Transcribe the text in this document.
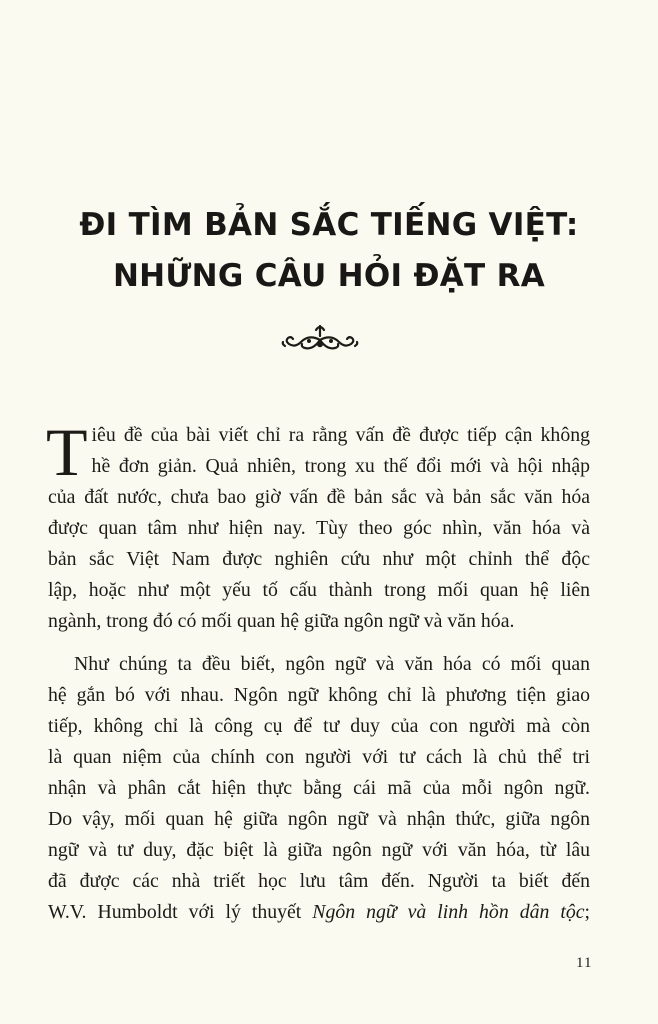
ĐI TÌM BẢN SẮC TIẾNG VIỆT:
NHỮNG CÂU HỎI ĐẶT RA
T iêu đề của bài viết chỉ ra rằng vấn đề được tiếp cận không
hề đơn giản. Quả nhiên, trong xu thế đổi mới và hội nhập
của đất nước, chưa bao giờ vấn đề bản sắc và bản sắc văn hóa
được quan tâm như hiện nay. Tùy theo góc nhìn, văn hóa và
bản sắc Việt Nam được nghiên cứu như một chỉnh thể độc
lập, hoặc như một yếu tố cấu thành trong mối quan hệ liên
ngành, trong đó có mối quan hệ giữa ngôn ngữ và văn hóa.
Như chúng ta đều biết, ngôn ngữ và văn hóa có mối quan
hệ gắn bó với nhau. Ngôn ngữ không chỉ là phương tiện giao
tiếp, không chỉ là công cụ để tư duy của con người mà còn
là quan niệm của chính con người với tư cách là chủ thể tri
nhận và phân cắt hiện thực bằng cái mã của mỗi ngôn ngữ.
Do vậy, mối quan hệ giữa ngôn ngữ và nhận thức, giữa ngôn
ngữ và tư duy, đặc biệt là giữa ngôn ngữ với văn hóa, từ lâu
đã được các nhà triết học lưu tâm đến. Người ta biết đến
W.V. Humboldt với lý thuyết Ngôn ngữ và linh hồn dân tộc;
11
